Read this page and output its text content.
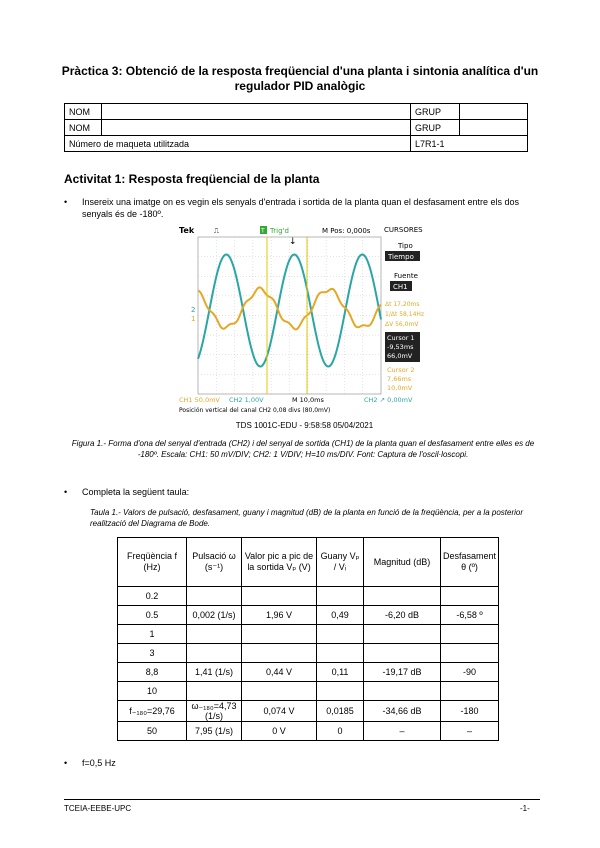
Pràctica 3: Obtenció de la resposta freqüencial d'una planta i sintonia analítica d'un regulador PID analògic
NOM		GRUP	
NOM		GRUP	
Número de maqueta utilitzada		L7R1-1	
Activitat 1: Resposta freqüencial de la planta
• Insereix una imatge on es vegin els senyals d'entrada i sortida de la planta quan el desfasament entre els dos senyals és de -180º.
Tek	⎍	T Trig'd
↓
M Pos: 0,000s CURSORES
Tipo
Tiempo
Fuente
CH1
Δt 17,20ms
1/Δt 58,14Hz
ΔV 56,0mV
Cursor 1
-9,53ms
66,0mV
Cursor 2
7,66ms
10,0mV
1
2
CH1 50,0mV CH2 1,00V	M 10,0ms	CH2 ↗ 0,00mV
Posición vertical del canal CH2 0,08 divs (80,0mV)
TDS 1001C-EDU - 9:58:58 05/04/2021
Figura 1.- Forma d'ona del senyal d'entrada (CH2) i del senyal de sortida (CH1) de la planta quan el desfasament entre elles es de -180º. Escala: CH1: 50 mV/DIV; CH2: 1 V/DIV; H=10 ms/DIV. Font: Captura de l'oscil·loscopi.
• Completa la següent taula:
Taula 1.- Valors de pulsació, desfasament, guany i magnitud (dB) de la planta en funció de la freqüència, per a la posterior realització del Diagrama de Bode.
Freqüència f (Hz)	Pulsació ω (s⁻¹)	Valor pic a pic de la sortida Vₚ (V)	Guany Vₚ / Vᵢ	Magnitud (dB)	Desfasament θ (º)
0.2					
0.5	0,002 (1/s)	1,96 V	0,49	-6,20 dB	-6,58 º
1					
3					
8,8	1,41 (1/s)	0,44 V	0,11	-19,17 dB	-90
10					
f₋₁₈₀=29,76	ω₋₁₈₀=4,73 (1/s)	0,074 V	0,0185	-34,66 dB	-180
50	7,95 (1/s)	0 V	0	–	–
• f=0,5 Hz
TCEIA-EEBE-UPC	-1-
